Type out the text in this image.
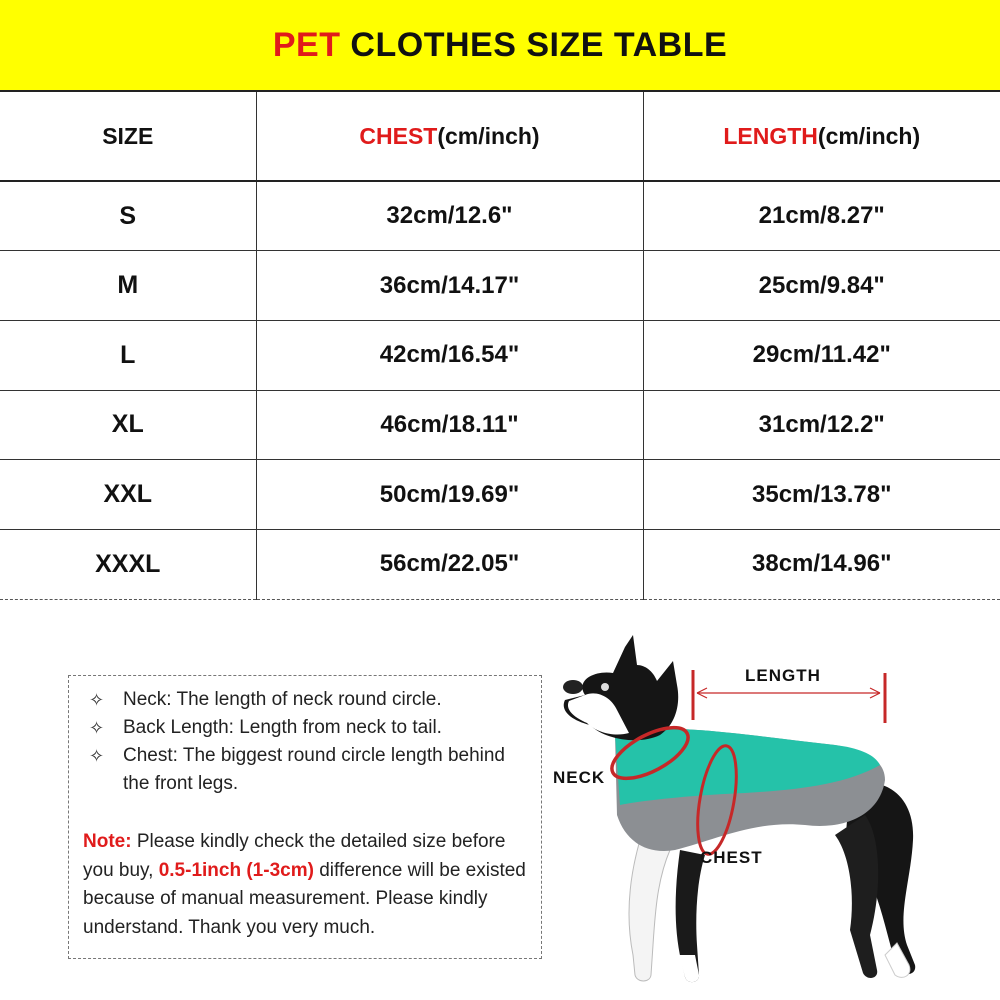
PET CLOTHES SIZE TABLE
SIZE	CHEST(cm/inch)	LENGTH(cm/inch)
S	32cm/12.6"	21cm/8.27"
M	36cm/14.17"	25cm/9.84"
L	42cm/16.54"	29cm/11.42"
XL	46cm/18.11"	31cm/12.2"
XXL	50cm/19.69"	35cm/13.78"
XXXL	56cm/22.05"	38cm/14.96"
✧ Neck: The length of neck round circle.
✧ Back Length: Length from neck to tail.
✧ Chest: The biggest round circle length behind the front legs.
Note: Please kindly check the detailed size before you buy, 0.5-1inch (1-3cm) difference will be existed because of manual measurement. Please kindly understand. Thank you very much.
LENGTH
NECK
CHEST
